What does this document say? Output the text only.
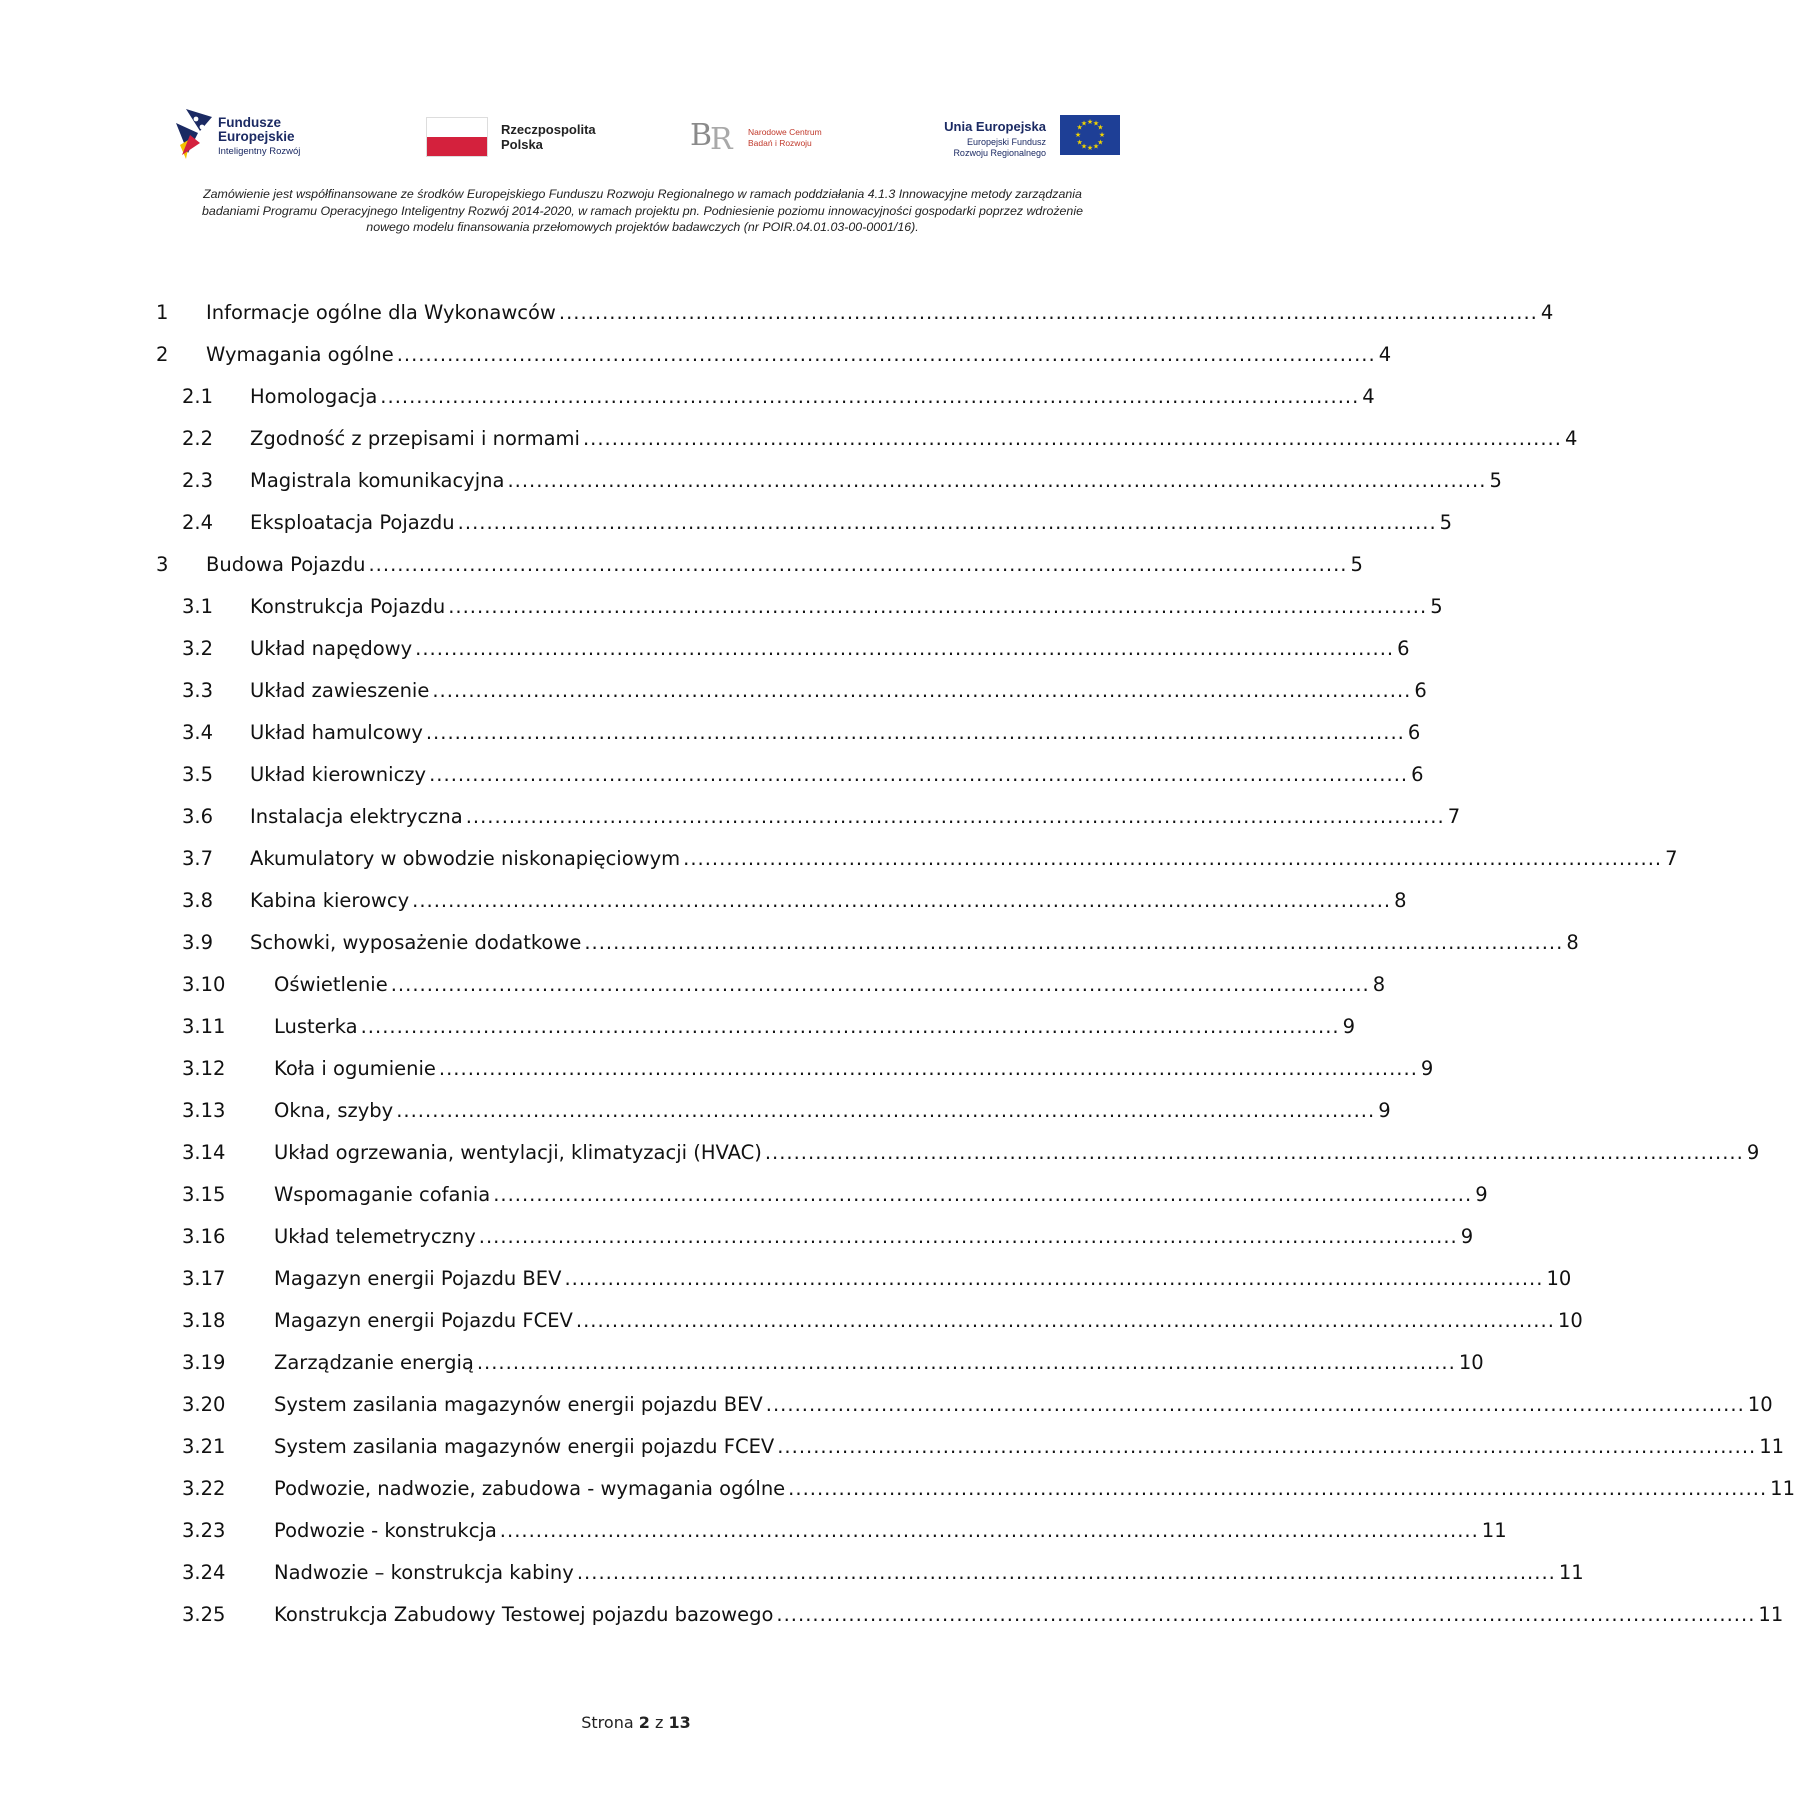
Fundusze
Europejskie
Inteligentny Rozwój
Rzeczpospolita
Polska	B
R Narodowe Centrum
Badań i Rozwoju
Unia Europejska
Europejski Fundusz
Rozwoju Regionalnego
★ ★
★
★
★
★
★
★
★
★
★
★

Zamówienie jest współfinansowane ze środków Europejskiego Funduszu Rozwoju Regionalnego w ramach poddziałania 4.1.3 Innowacyjne metody zarządzania badaniami Programu Operacyjnego Inteligentny Rozwój 2014-2020, w ramach projektu pn. Podniesienie poziomu innowacyjności gospodarki poprzez wdrożenie nowego modelu finansowania przełomowych projektów badawczych (nr POIR.04.01.03-00-0001/16).

1 Informacje ogólne dla Wykonawców ........................................................................................................................................ 4
2 Wymagania ogólne ........................................................................................................................................ 4
2.1 Homologacja ........................................................................................................................................ 4
2.2 Zgodność z przepisami i normami ........................................................................................................................................ 4
2.3 Magistrala komunikacyjna ........................................................................................................................................ 5
2.4 Eksploatacja Pojazdu ........................................................................................................................................ 5
3 Budowa Pojazdu ........................................................................................................................................ 5
3.1 Konstrukcja Pojazdu ........................................................................................................................................ 5
3.2 Układ napędowy ........................................................................................................................................ 6
3.3 Układ zawieszenie ........................................................................................................................................ 6
3.4 Układ hamulcowy ........................................................................................................................................ 6
3.5 Układ kierowniczy ........................................................................................................................................ 6
3.6 Instalacja elektryczna ........................................................................................................................................ 7
3.7 Akumulatory w obwodzie niskonapięciowym ........................................................................................................................................ 7
3.8 Kabina kierowcy ........................................................................................................................................ 8
3.9 Schowki, wyposażenie dodatkowe ........................................................................................................................................ 8
3.10 Oświetlenie ........................................................................................................................................ 8
3.11 Lusterka ........................................................................................................................................ 9
3.12 Koła i ogumienie ........................................................................................................................................ 9
3.13 Okna, szyby ........................................................................................................................................ 9
3.14 Układ ogrzewania, wentylacji, klimatyzacji (HVAC) ........................................................................................................................................ 9
3.15 Wspomaganie cofania ........................................................................................................................................ 9
3.16 Układ telemetryczny ........................................................................................................................................ 9
3.17 Magazyn energii Pojazdu BEV ........................................................................................................................................ 10
3.18 Magazyn energii Pojazdu FCEV ........................................................................................................................................ 10
3.19 Zarządzanie energią ........................................................................................................................................ 10
3.20 System zasilania magazynów energii pojazdu BEV ........................................................................................................................................ 10
3.21 System zasilania magazynów energii pojazdu FCEV ........................................................................................................................................ 11
3.22 Podwozie, nadwozie, zabudowa - wymagania ogólne ........................................................................................................................................ 11
3.23 Podwozie - konstrukcja ........................................................................................................................................ 11
3.24 Nadwozie – konstrukcja kabiny ........................................................................................................................................ 11
3.25 Konstrukcja Zabudowy Testowej pojazdu bazowego ........................................................................................................................................ 11
Strona 2 z 13
